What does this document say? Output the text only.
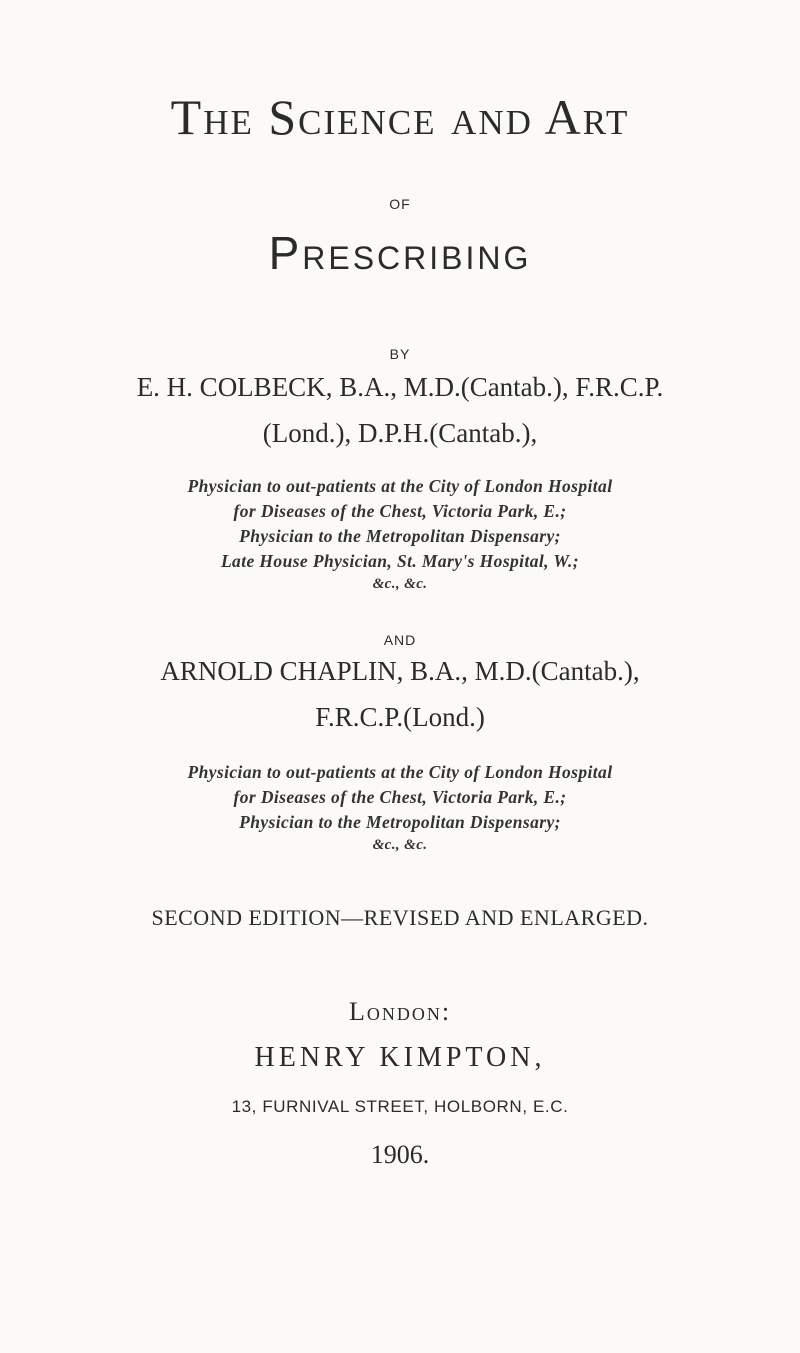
The Science and Art
OF
Prescribing
BY
E. H. COLBECK, B.A., M.D.(Cantab.), F.R.C.P.
(Lond.), D.P.H.(Cantab.),
Physician to out-patients at the City of London Hospital
for Diseases of the Chest, Victoria Park, E.;
Physician to the Metropolitan Dispensary;
Late House Physician, St. Mary's Hospital, W.;
&c., &c.
AND
ARNOLD CHAPLIN, B.A., M.D.(Cantab.),
F.R.C.P.(Lond.)
Physician to out-patients at the City of London Hospital
for Diseases of the Chest, Victoria Park, E.;
Physician to the Metropolitan Dispensary;
&c., &c.
SECOND EDITION—REVISED AND ENLARGED.
London:
HENRY KIMPTON,
13, FURNIVAL STREET, HOLBORN, E.C.
1906.
